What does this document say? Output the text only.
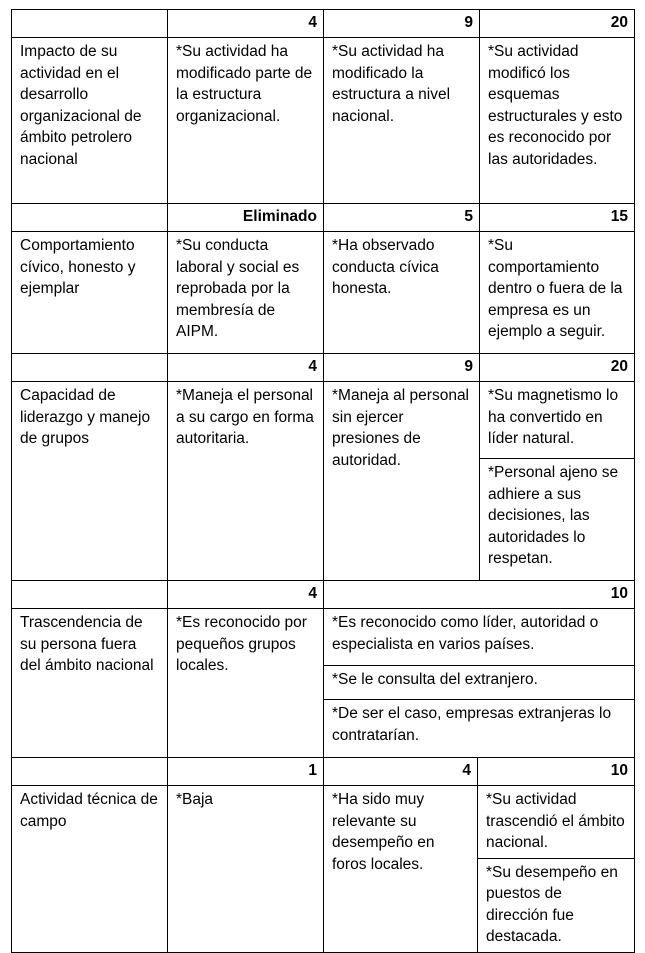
	4	9		20
Impacto de su actividad en el desarrollo organizacional de ámbito petrolero nacional	*Su actividad ha modificado parte de la estructura organizacional.	*Su actividad ha modificado la estructura a nivel nacional.		*Su actividad modificó los esquemas estructurales y esto es reconocido por las autoridades.
	Eliminado	5		15
Comportamiento cívico, honesto y ejemplar	*Su conducta laboral y social es reprobada por la membresía de AIPM.	*Ha observado conducta cívica honesta.		*Su comportamiento dentro o fuera de la empresa es un ejemplo a seguir.
	4	9		20
Capacidad de liderazgo y manejo de grupos	*Maneja el personal a su cargo en forma autoritaria.	*Maneja al personal sin ejercer presiones de autoridad.		*Su magnetismo lo ha convertido en líder natural.
				*Personal ajeno se adhiere a sus decisiones, las autoridades lo respetan.
	4	10		
Trascendencia de su persona fuera del ámbito nacional	*Es reconocido por pequeños grupos locales.	*Es reconocido como líder, autoridad o especialista en varios países.		
		*Se le consulta del extranjero.		
		*De ser el caso, empresas extranjeras lo contratarían.		
	1	4	10	
Actividad técnica de campo	*Baja	*Ha sido muy relevante su desempeño en foros locales.	*Su actividad trascendió el ámbito nacional.	
			*Su desempeño en puestos de dirección fue destacada.	
